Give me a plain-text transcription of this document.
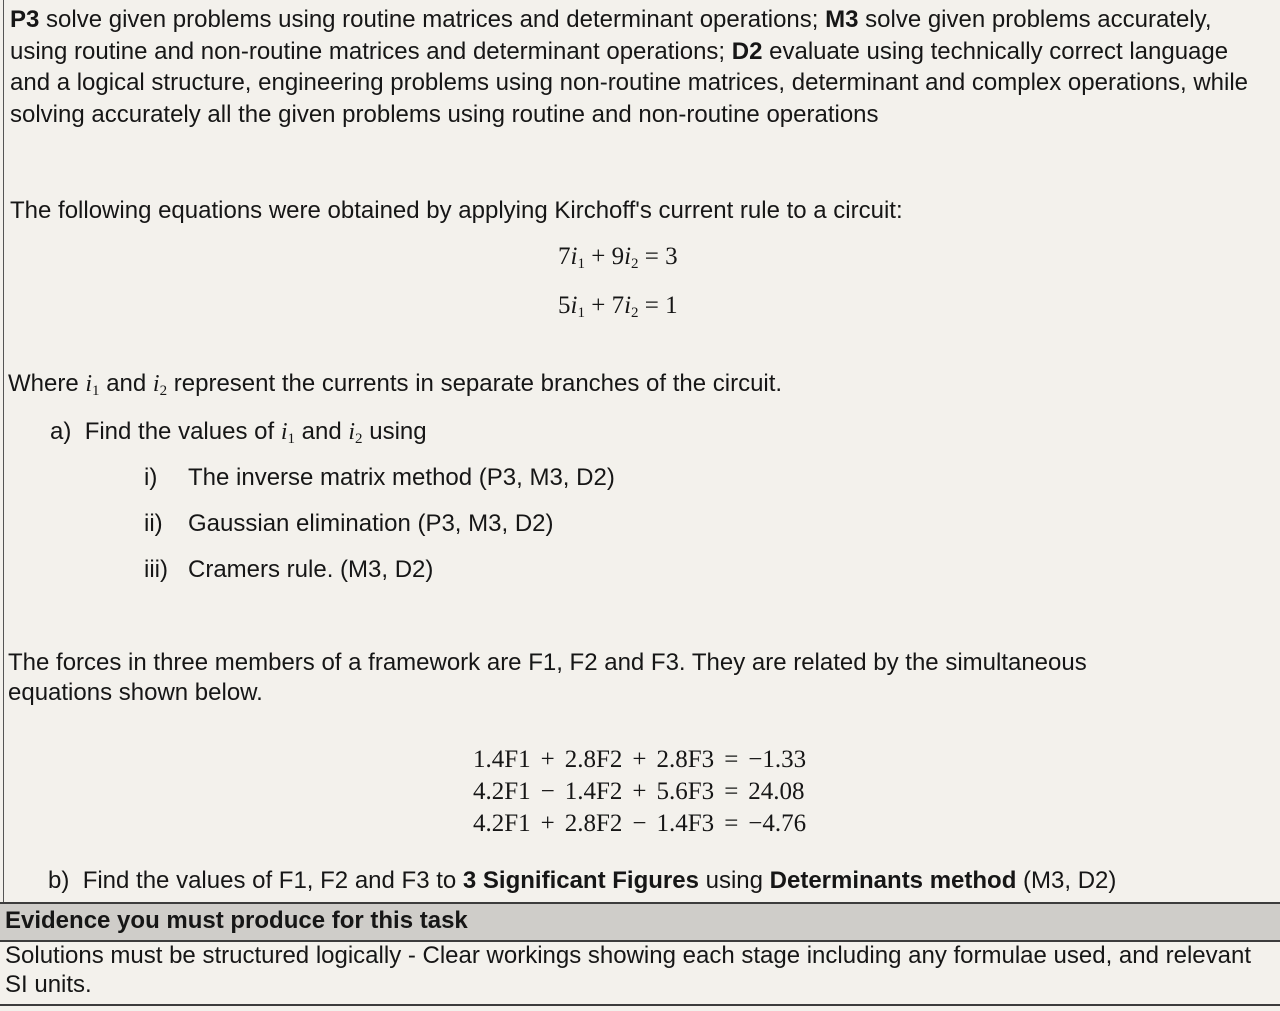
P3 solve given problems using routine matrices and determinant operations; M3 solve given problems accurately, using routine and non-routine matrices and determinant operations; D2 evaluate using technically correct language and a logical structure, engineering problems using non-routine matrices, determinant and complex operations, while solving accurately all the given problems using routine and non-routine operations
The following equations were obtained by applying Kirchoff's current rule to a circuit:
$7i_1 + 9i_2 = 3$
$5i_1 + 7i_2 = 1$
Where $i_1$ and $i_2$ represent the currents in separate branches of the circuit.
a) Find the values of $i_1$ and $i_2$ using
i) The inverse matrix method (P3, M3, D2)
ii) Gaussian elimination (P3, M3, D2)
iii) Cramers rule. (M3, D2)
The forces in three members of a framework are F1, F2 and F3. They are related by the simultaneous
equations shown below.
1.4F1	+	2.8F2	+	2.8F3	=	−1.33
4.2F1	−	1.4F2	+	5.6F3	=	24.08
4.2F1	+	2.8F2	−	1.4F3	=	−4.76
b) Find the values of F1, F2 and F3 to 3 Significant Figures using Determinants method (M3, D2)
Evidence you must produce for this task
Solutions must be structured logically - Clear workings showing each stage including any formulae used, and relevant SI units.
